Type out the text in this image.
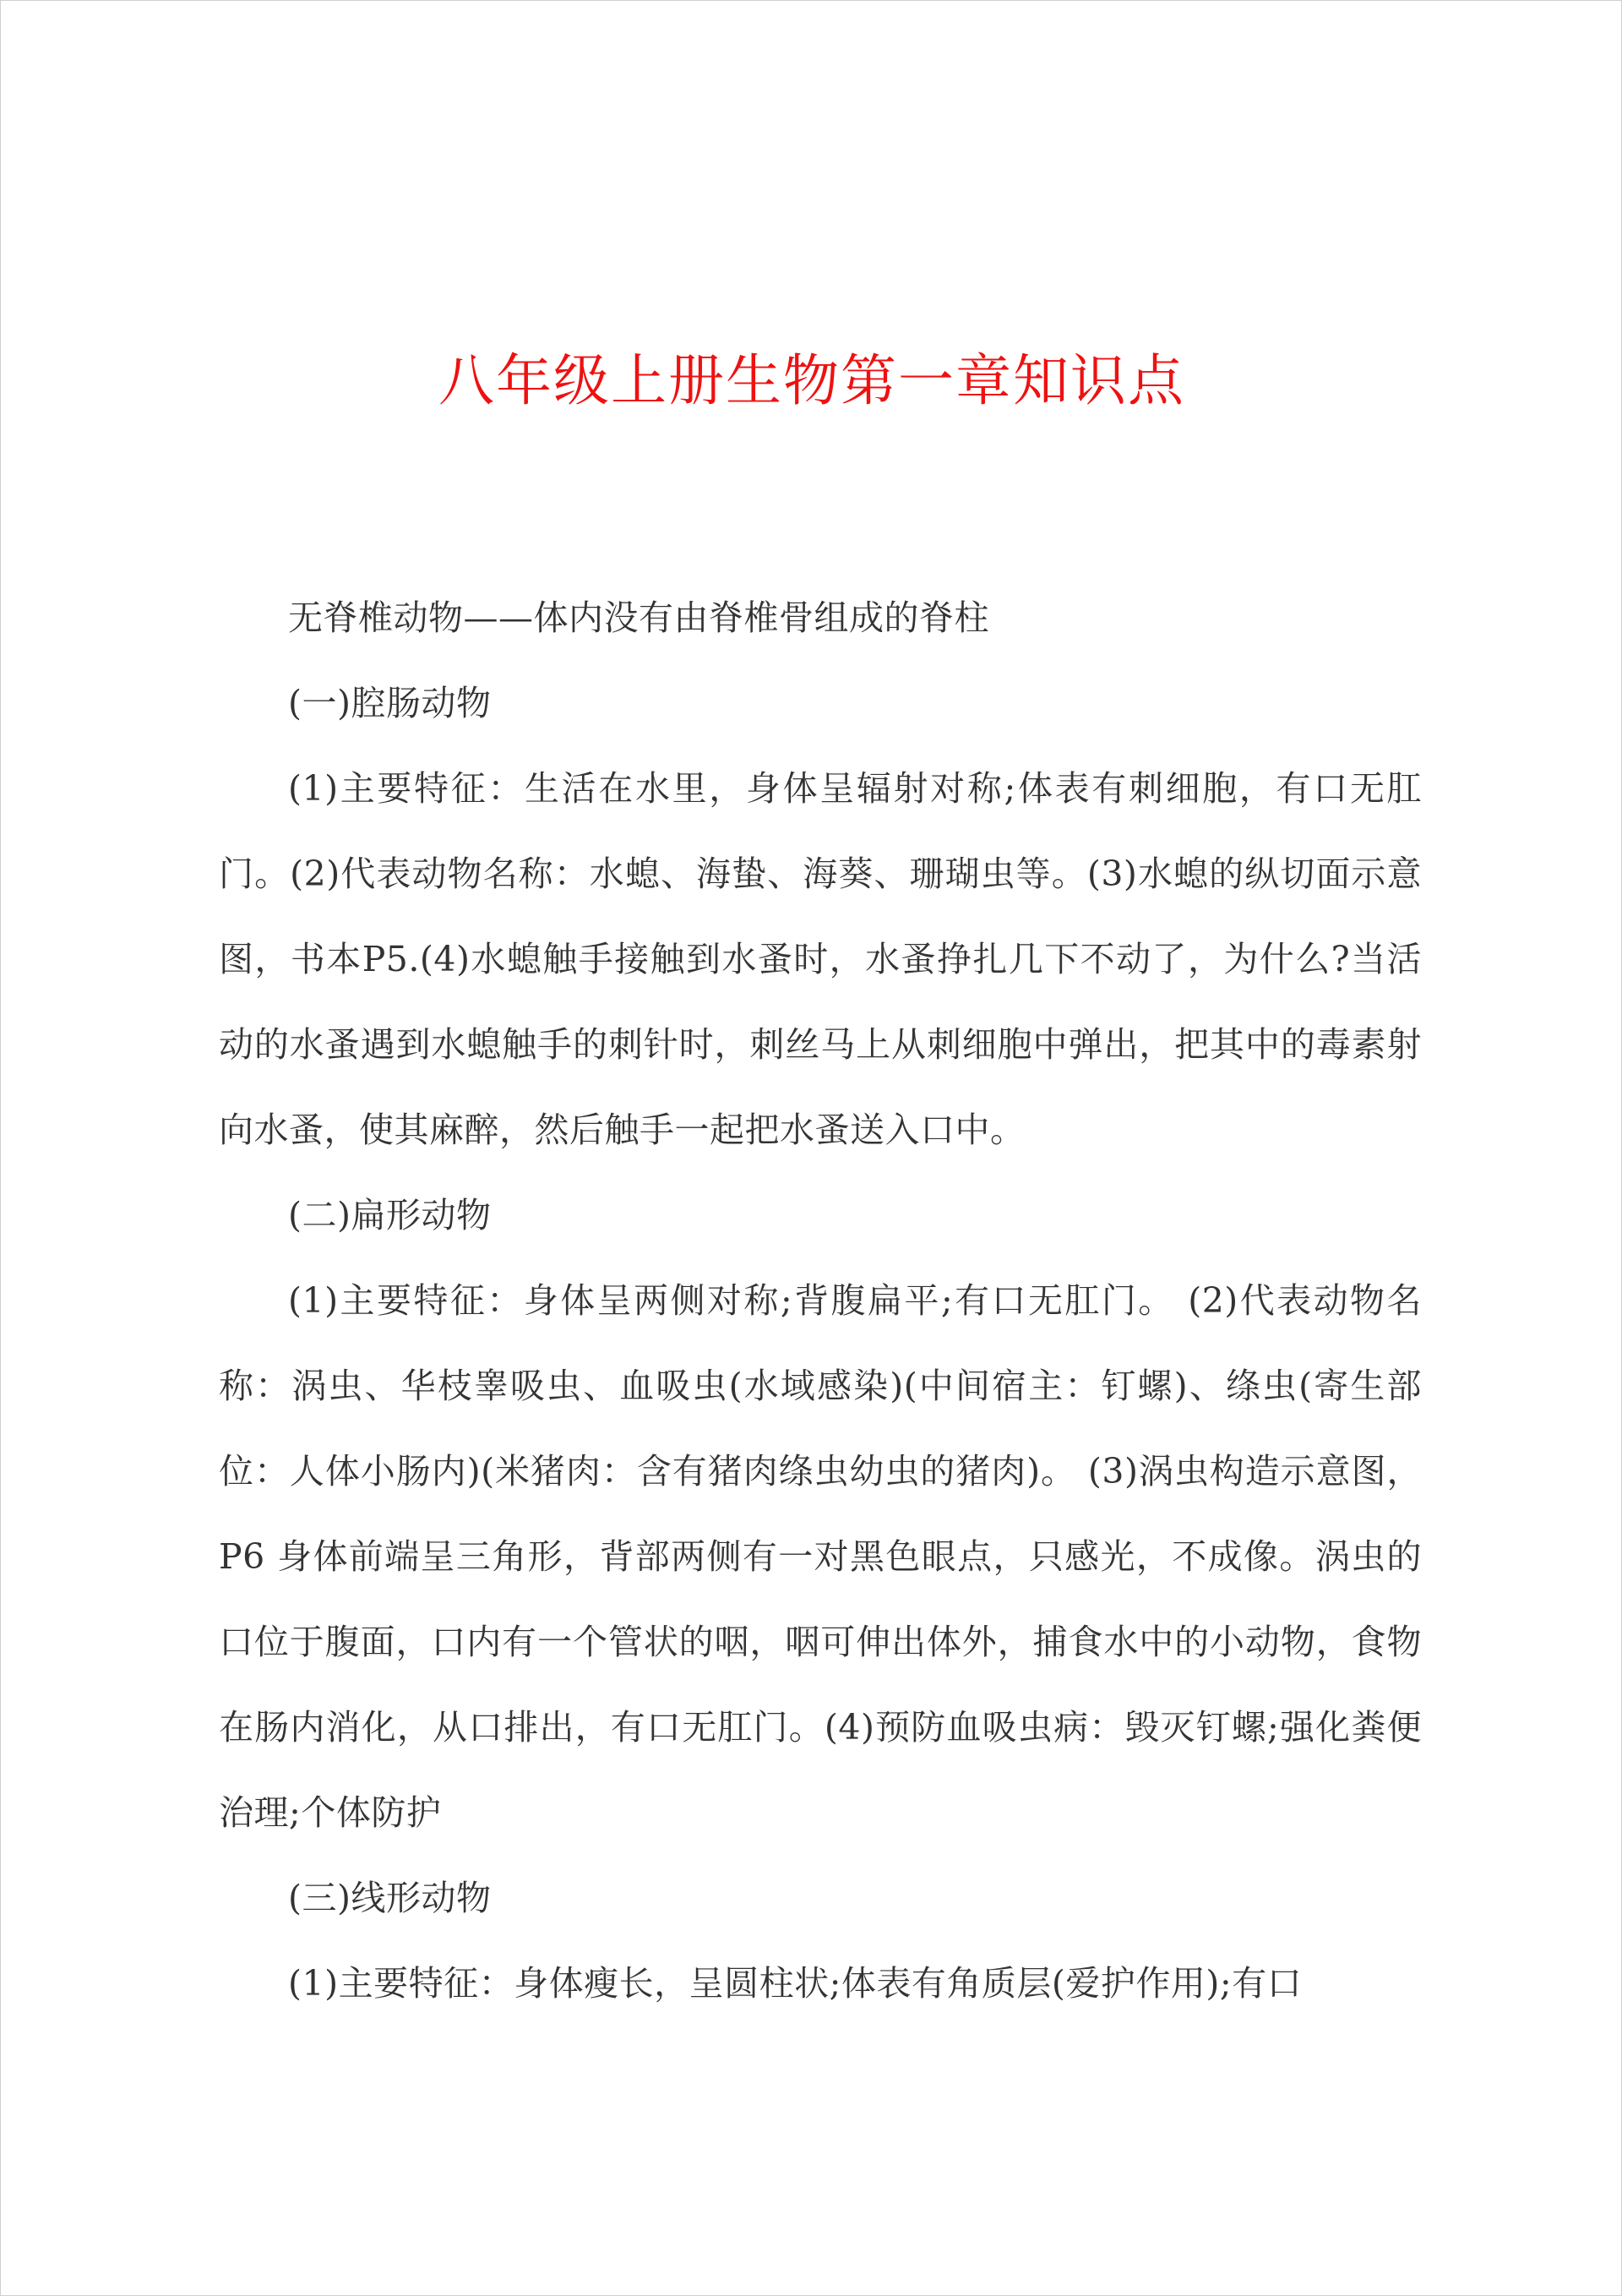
八年级上册生物第一章知识点

无脊椎动物——体内没有由脊椎骨组成的脊柱

(一)腔肠动物

(1)主要特征：生活在水里，身体呈辐射对称;体表有刺细胞，有口无肛门。(2)代表动物名称：水螅、海蛰、海葵、珊瑚虫等。(3)水螅的纵切面示意图，书本P5.(4)水螅触手接触到水蚤时，水蚤挣扎几下不动了，为什么?当活动的水蚤遇到水螅触手的刺针时，刺丝马上从刺细胞中弹出，把其中的毒素射向水蚤，使其麻醉，然后触手一起把水蚤送入口中。

(二)扁形动物

(1)主要特征：身体呈两侧对称;背腹扁平;有口无肛门。 (2)代表动物名称：涡虫、华枝睾吸虫、血吸虫(水域感染)(中间宿主：钉螺)、绦虫(寄生部位：人体小肠内)(米猪肉：含有猪肉绦虫幼虫的猪肉)。 (3)涡虫构造示意图，P6 身体前端呈三角形，背部两侧有一对黑色眼点，只感光，不成像。涡虫的口位于腹面，口内有一个管状的咽，咽可伸出体外，捕食水中的小动物，食物在肠内消化，从口排出，有口无肛门。(4)预防血吸虫病：毁灭钉螺;强化粪便治理;个体防护

(三)线形动物

(1)主要特征：身体瘦长，呈圆柱状;体表有角质层(爱护作用);有口
